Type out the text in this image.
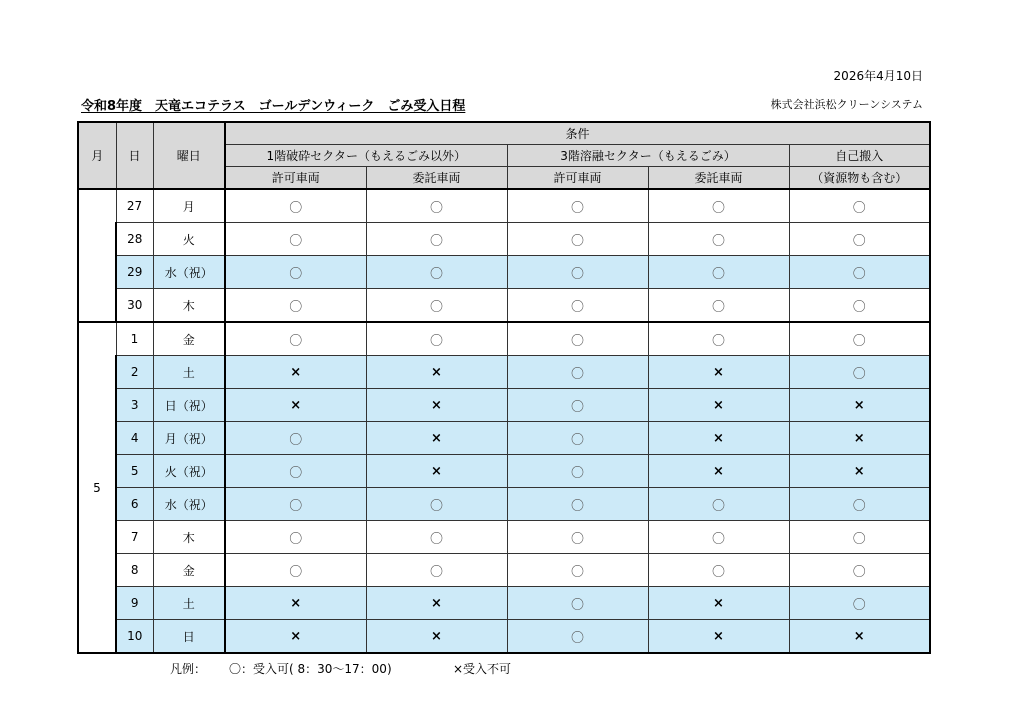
2026年4月10日
令和8年度　天竜エコテラス　ゴールデンウィーク　ごみ受入日程	株式会社浜松クリーンシステム
月	日	曜日	条件				
			1階破砕セクター（もえるごみ以外）		3階溶融セクター（もえるごみ）		自己搬入
			許可車両	委託車両	許可車両	委託車両	（資源物も含む）
	27	月	〇	〇	〇	〇	〇
	28	火	〇	〇	〇	〇	〇
	29	水（祝）	〇	〇	〇	〇	〇
	30	木	〇	〇	〇	〇	〇
5	1	金	〇	〇	〇	〇	〇
	2	土	×	×	〇	×	〇
	3	日（祝）	×	×	〇	×	×
	4	月（祝）	〇	×	〇	×	×
	5	火（祝）	〇	×	〇	×	×
	6	水（祝）	〇	〇	〇	〇	〇
	7	木	〇	〇	〇	〇	〇
	8	金	〇	〇	〇	〇	〇
	9	土	×	×	〇	×	〇
	10	日	×	×	〇	×	×
凡例： 〇：受入可( 8：30～17：00)	×受入不可
